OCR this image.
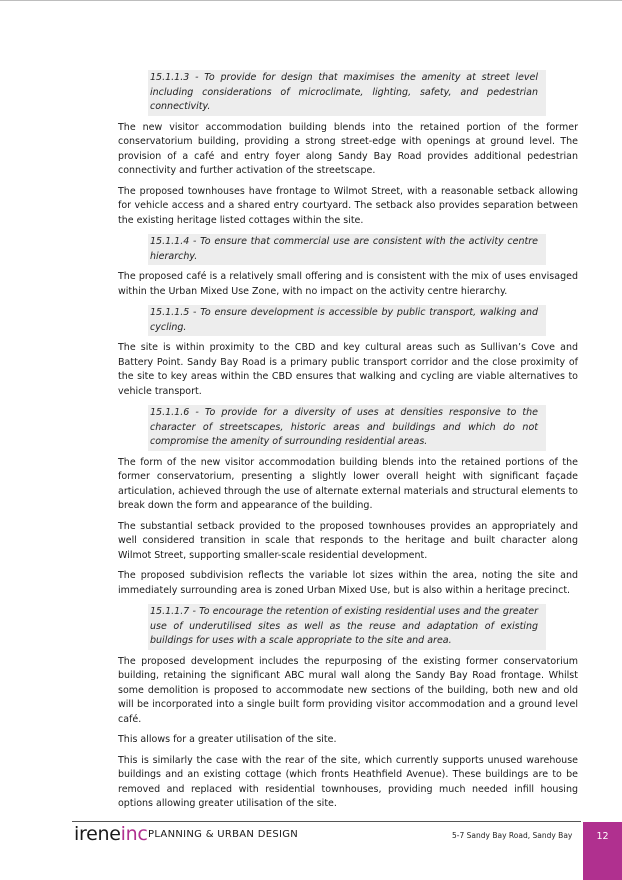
15.1.1.3 - To provide for design that maximises the amenity at street level including considerations of microclimate, lighting, safety, and pedestrian connectivity.

The new visitor accommodation building blends into the retained portion of the former conservatorium building, providing a strong street-edge with openings at ground level. The provision of a café and entry foyer along Sandy Bay Road provides additional pedestrian connectivity and further activation of the streetscape.

The proposed townhouses have frontage to Wilmot Street, with a reasonable setback allowing for vehicle access and a shared entry courtyard. The setback also provides separation between the existing heritage listed cottages within the site.

15.1.1.4 - To ensure that commercial use are consistent with the activity centre hierarchy.

The proposed café is a relatively small offering and is consistent with the mix of uses envisaged within the Urban Mixed Use Zone, with no impact on the activity centre hierarchy.

15.1.1.5 - To ensure development is accessible by public transport, walking and cycling.

The site is within proximity to the CBD and key cultural areas such as Sullivan’s Cove and Battery Point. Sandy Bay Road is a primary public transport corridor and the close proximity of the site to key areas within the CBD ensures that walking and cycling are viable alternatives to vehicle transport.

15.1.1.6 - To provide for a diversity of uses at densities responsive to the character of streetscapes, historic areas and buildings and which do not compromise the amenity of surrounding residential areas.

The form of the new visitor accommodation building blends into the retained portions of the former conservatorium, presenting a slightly lower overall height with significant façade articulation, achieved through the use of alternate external materials and structural elements to break down the form and appearance of the building.

The substantial setback provided to the proposed townhouses provides an appropriately and well considered transition in scale that responds to the heritage and built character along Wilmot Street, supporting smaller-scale residential development.

The proposed subdivision reflects the variable lot sizes within the area, noting the site and immediately surrounding area is zoned Urban Mixed Use, but is also within a heritage precinct.

15.1.1.7 - To encourage the retention of existing residential uses and the greater use of underutilised sites as well as the reuse and adaptation of existing buildings for uses with a scale appropriate to the site and area.

The proposed development includes the repurposing of the existing former conservatorium building, retaining the significant ABC mural wall along the Sandy Bay Road frontage. Whilst some demolition is proposed to accommodate new sections of the building, both new and old will be incorporated into a single built form providing visitor accommodation and a ground level café.

This allows for a greater utilisation of the site.

This is similarly the case with the rear of the site, which currently supports unused warehouse buildings and an existing cottage (which fronts Heathfield Avenue). These buildings are to be removed and replaced with residential townhouses, providing much needed infill housing options allowing greater utilisation of the site.

ireneinc PLANNING & URBAN DESIGN	5-7 Sandy Bay Road, Sandy Bay	12
